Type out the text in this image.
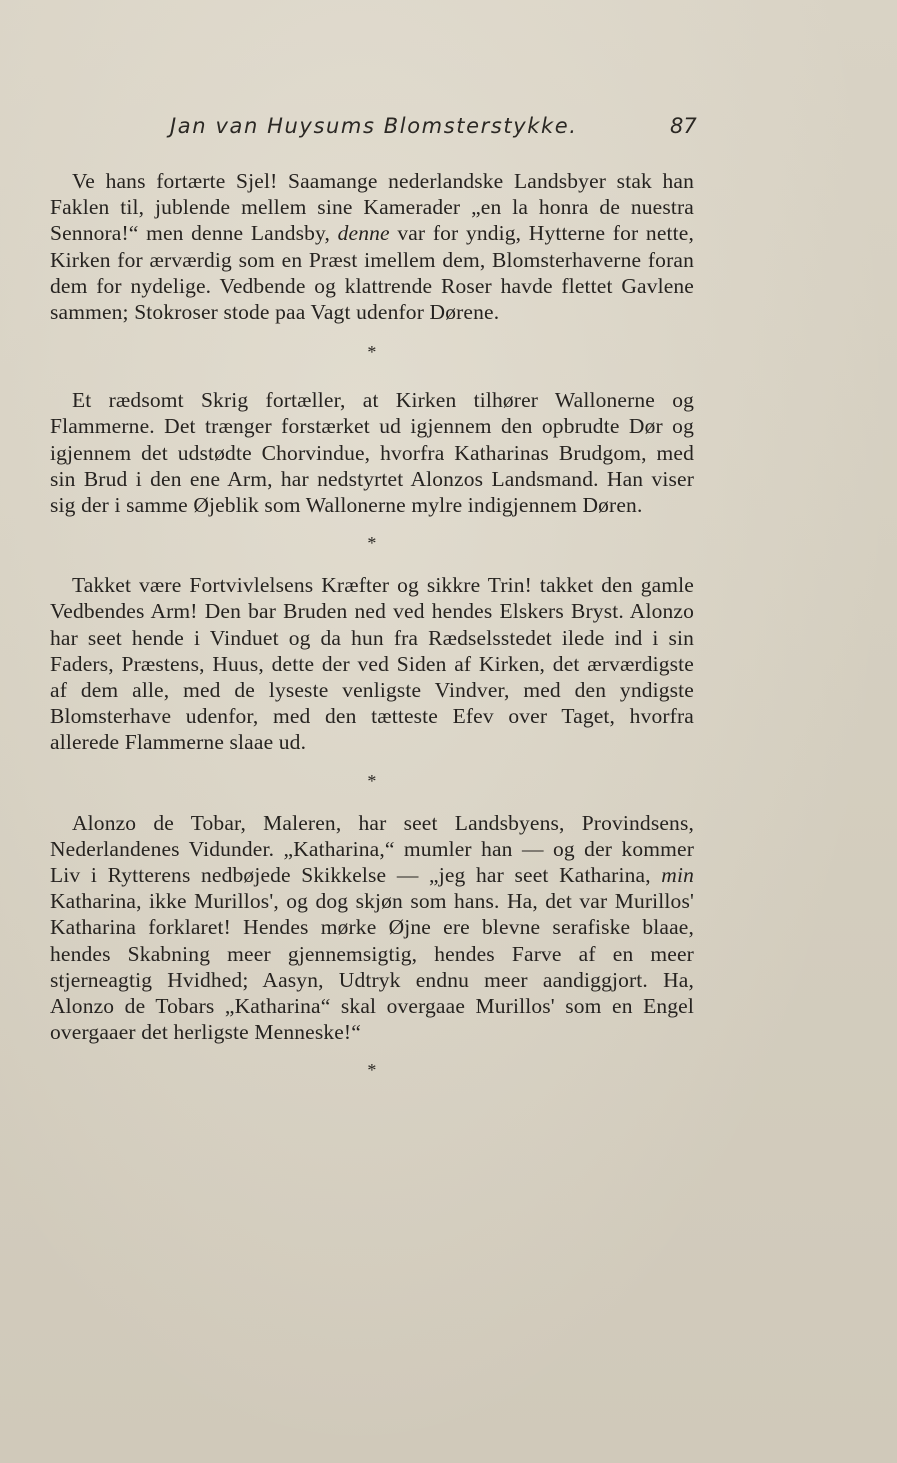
Jan van Huysums Blomsterstykke.	87

Ve hans fortærte Sjel! Saamange nederlandske Landsbyer stak han Faklen til, jublende mellem sine Kamerader „en la honra de nuestra Sennora!“ men denne Landsby, denne var for yndig, Hytterne for nette, Kirken for ærværdig som en Præst imellem dem, Blomsterhaverne foran dem for nydelige. Vedbende og klattrende Roser havde flettet Gavlene sammen; Stokroser stode paa Vagt udenfor Dørene.

*

Et rædsomt Skrig fortæller, at Kirken tilhører Wallonerne og Flammerne. Det trænger forstærket ud igjennem den opbrudte Dør og igjennem det udstødte Chorvindue, hvorfra Katharinas Brudgom, med sin Brud i den ene Arm, har nedstyrtet Alonzos Landsmand. Han viser sig der i samme Øjeblik som Wallonerne mylre indigjennem Døren.

*

Takket være Fortvivlelsens Kræfter og sikkre Trin! takket den gamle Vedbendes Arm! Den bar Bruden ned ved hendes Elskers Bryst. Alonzo har seet hende i Vinduet og da hun fra Rædselsstedet ilede ind i sin Faders, Præstens, Huus, dette der ved Siden af Kirken, det ærværdigste af dem alle, med de lyseste venligste Vindver, med den yndigste Blomsterhave udenfor, med den tætteste Efev over Taget, hvorfra allerede Flammerne slaae ud.

*

Alonzo de Tobar, Maleren, har seet Landsbyens, Provindsens, Nederlandenes Vidunder. „Katharina,“ mumler han — og der kommer Liv i Rytterens nedbøjede Skikkelse — „jeg har seet Katharina, min Katharina, ikke Murillos', og dog skjøn som hans. Ha, det var Murillos' Katharina forklaret! Hendes mørke Øjne ere blevne serafiske blaae, hendes Skabning meer gjennemsigtig, hendes Farve af en meer stjerneagtig Hvidhed; Aasyn, Udtryk endnu meer aandiggjort. Ha, Alonzo de Tobars „Katharina“ skal overgaae Murillos' som en Engel overgaaer det herligste Menneske!“

*
